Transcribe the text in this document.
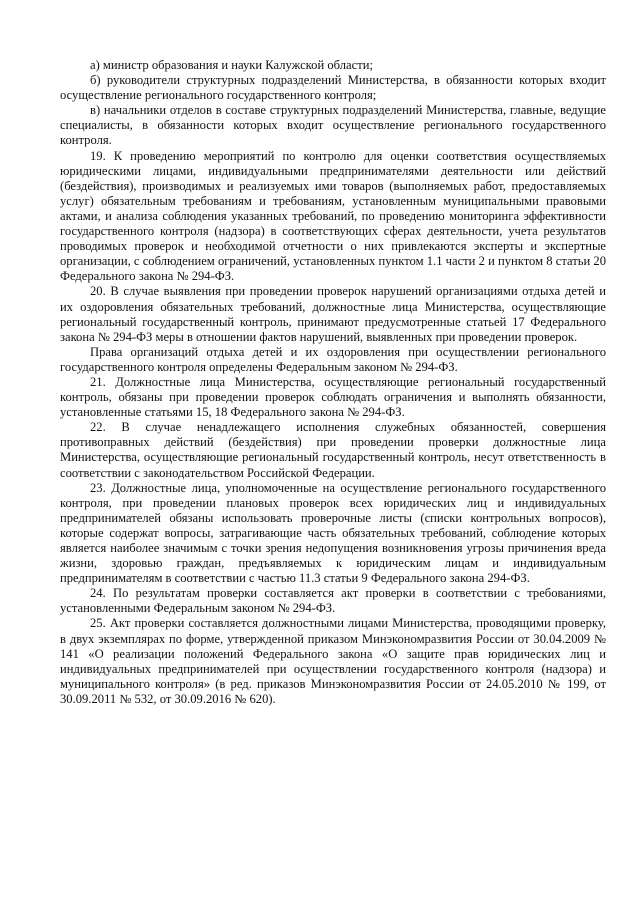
а) министр образования и науки Калужской области;

б) руководители структурных подразделений Министерства, в обязанности которых входит осуществление регионального государственного контроля;

в) начальники отделов в составе структурных подразделений Министерства, главные, ведущие специалисты, в обязанности которых входит осуществление регионального государственного контроля.

19. К проведению мероприятий по контролю для оценки соответствия осуществляемых юридическими лицами, индивидуальными предпринимателями деятельности или действий (бездействия), производимых и реализуемых ими товаров (выполняемых работ, предоставляемых услуг) обязательным требованиям и требованиям, установленным муниципальными правовыми актами, и анализа соблюдения указанных требований, по проведению мониторинга эффективности государственного контроля (надзора) в соответствующих сферах деятельности, учета результатов проводимых проверок и необходимой отчетности о них привлекаются эксперты и экспертные организации, с соблюдением ограничений, установленных пунктом 1.1 части 2 и пунктом 8 статьи 20 Федерального закона № 294-ФЗ.

20. В случае выявления при проведении проверок нарушений организациями отдыха детей и их оздоровления обязательных требований, должностные лица Министерства, осуществляющие региональный государственный контроль, принимают предусмотренные статьей 17 Федерального закона № 294-ФЗ меры в отношении фактов нарушений, выявленных при проведении проверок.

Права организаций отдыха детей и их оздоровления при осуществлении регионального государственного контроля определены Федеральным законом № 294-ФЗ.

21. Должностные лица Министерства, осуществляющие региональный государственный контроль, обязаны при проведении проверок соблюдать ограничения и выполнять обязанности, установленные статьями 15, 18 Федерального закона № 294-ФЗ.

22. В случае ненадлежащего исполнения служебных обязанностей, совершения противоправных действий (бездействия) при проведении проверки должностные лица Министерства, осуществляющие региональный государственный контроль, несут ответственность в соответствии с законодательством Российской Федерации.

23. Должностные лица, уполномоченные на осуществление регионального государственного контроля, при проведении плановых проверок всех юридических лиц и индивидуальных предпринимателей обязаны использовать проверочные листы (списки контрольных вопросов), которые содержат вопросы, затрагивающие часть обязательных требований, соблюдение которых является наиболее значимым с точки зрения недопущения возникновения угрозы причинения вреда жизни, здоровью граждан, предъявляемых к юридическим лицам и индивидуальным предпринимателям в соответствии с частью 11.3 статьи 9 Федерального закона 294-ФЗ.

24. По результатам проверки составляется акт проверки в соответствии с требованиями, установленными Федеральным законом № 294-ФЗ.

25. Акт проверки составляется должностными лицами Министерства, проводящими проверку, в двух экземплярах по форме, утвержденной приказом Минэкономразвития России от 30.04.2009 № 141 «О реализации положений Федерального закона «О защите прав юридических лиц и индивидуальных предпринимателей при осуществлении государственного контроля (надзора) и муниципального контроля» (в ред. приказов Минэкономразвития России от 24.05.2010 № 199, от 30.09.2011 № 532, от 30.09.2016 № 620).
